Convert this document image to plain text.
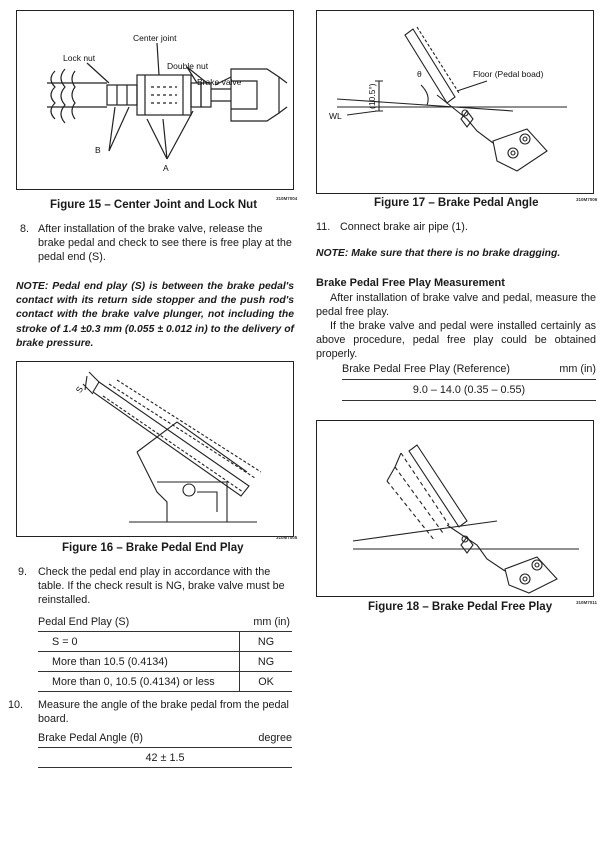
Lock nut
Center joint
Double nut
Brake valve
A
B
Figure 15 – Center Joint and Lock Nut
310M7004
8. After installation of the brake valve, release the brake pedal and check to see there is free play at the pedal end (S).
NOTE: Pedal end play (S) is between the brake pedal's contact with its return side stopper and the push rod's contact with the brake valve plunger, not including the stroke of 1.4 ±0.3 mm (0.055 ± 0.012 in) to the delivery of brake pressure.
S
Figure 16 – Brake Pedal End Play
310M7005
9. Check the pedal end play in accordance with the table. If the check result is NG, brake valve must be reinstalled.
Pedal End Play (S)	mm (in)
S = 0	NG
More than 10.5 (0.4134)	NG
More than 0, 10.5 (0.4134) or less	OK
10. Measure the angle of the brake pedal from the pedal board.
Brake Pedal Angle (θ)	degree
42 ± 1.5
Floor (Pedal boad)
WL
(10.5°)
θ
Figure 17 – Brake Pedal Angle	310M7006
11. Connect brake air pipe (1).
NOTE: Make sure that there is no brake dragging.
Brake Pedal Free Play Measurement
After installation of brake valve and pedal, measure the pedal free play.
If the brake valve and pedal were installed certainly as above procedure, pedal free play could be obtained properly.
Brake Pedal Free Play (Reference)	mm (in)
9.0 – 14.0 (0.35 – 0.55)
Figure 18 – Brake Pedal Free Play	310M7011
